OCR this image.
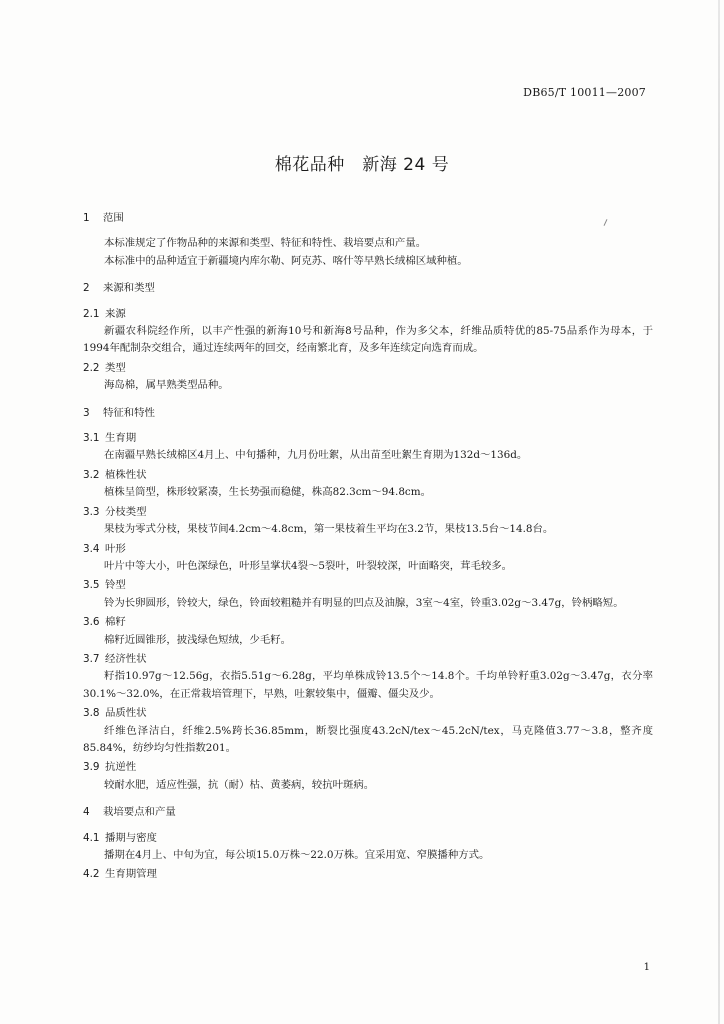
DB65/T 10011—2007
棉花品种　新海 24 号
1 范围
本标准规定了作物品种的来源和类型、特征和特性、栽培要点和产量。
本标准中的品种适宜于新疆境内库尔勒、阿克苏、喀什等早熟长绒棉区域种植。
2 来源和类型
2.1 来源
新疆农科院经作所，以丰产性强的新海10号和新海8号品种，作为多父本，纤维品质特优的85-75品系作为母本，于1994年配制杂交组合，通过连续两年的回交，经南繁北育，及多年连续定向选育而成。
2.2 类型
海岛棉，属早熟类型品种。
3 特征和特性
3.1 生育期
在南疆早熟长绒棉区4月上、中旬播种，九月份吐絮，从出苗至吐絮生育期为132d～136d。
3.2 植株性状
植株呈筒型，株形较紧凑，生长势强而稳健，株高82.3cm～94.8cm。
3.3 分枝类型
果枝为零式分枝，果枝节间4.2cm～4.8cm，第一果枝着生平均在3.2节，果枝13.5台～14.8台。
3.4 叶形
叶片中等大小，叶色深绿色，叶形呈掌状4裂～5裂叶，叶裂较深，叶面略突，茸毛较多。
3.5 铃型
铃为长卵圆形，铃较大，绿色，铃面较粗糙并有明显的凹点及油腺，3室～4室，铃重3.02g～3.47g，铃柄略短。
3.6 棉籽
棉籽近圆锥形，披浅绿色短绒，少毛籽。
3.7 经济性状
籽指10.97g～12.56g，衣指5.51g～6.28g，平均单株成铃13.5个～14.8个。千均单铃籽重3.02g～3.47g，衣分率30.1%～32.0%，在正常栽培管理下，早熟，吐絮较集中，僵瓣、僵尖及少。
3.8 品质性状
纤维色泽洁白，纤维2.5%跨长36.85mm，断裂比强度43.2cN/tex～45.2cN/tex，马克隆值3.77～3.8，整齐度85.84%，纺纱均匀性指数201。
3.9 抗逆性
较耐水肥，适应性强，抗（耐）枯、黄萎病，较抗叶斑病。
4 栽培要点和产量
4.1 播期与密度
播期在4月上、中旬为宜，每公顷15.0万株～22.0万株。宜采用宽、窄膜播种方式。
4.2 生育期管理
1
